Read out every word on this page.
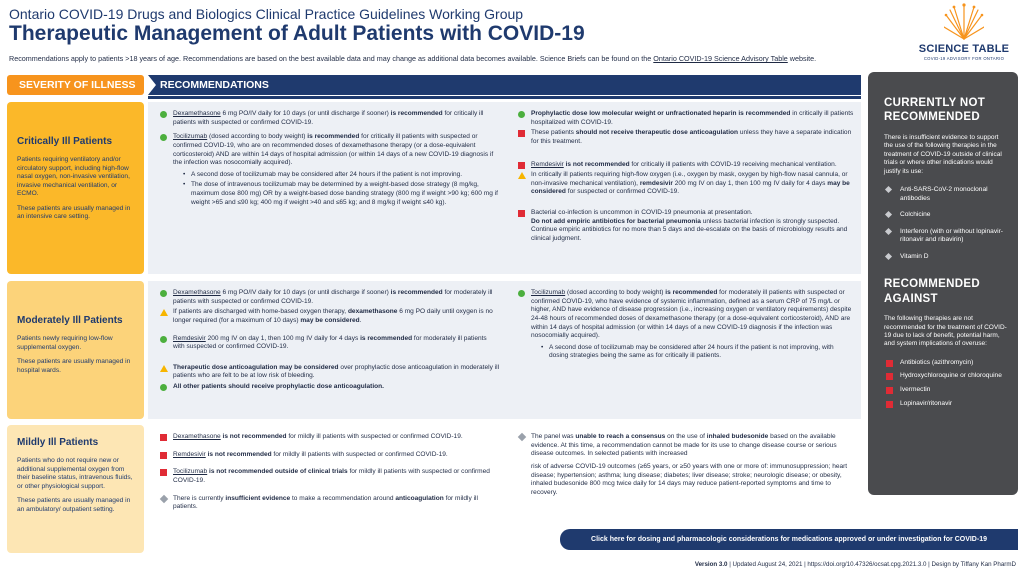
Ontario COVID-19 Drugs and Biologics Clinical Practice Guidelines Working Group
Therapeutic Management of Adult Patients with COVID-19
Recommendations apply to patients >18 years of age. Recommendations are based on the best available data and may change as additional data becomes available. Science Briefs can be found on the Ontario COVID-19 Science Advisory Table website.
SCIENCE TABLE
COVID-19 ADVISORY FOR ONTARIO
SEVERITY OF ILLNESS	RECOMMENDATIONS
Critically Ill Patients

Patients requiring ventilatory and/or circulatory support, including high-flow nasal oxygen, non-invasive ventilation, invasive mechanical ventilation, or ECMO.

These patients are usually managed in an intensive care setting.

Moderately Ill Patients

Patients newly requiring low-flow supplemental oxygen.

These patients are usually managed in hospital wards.

Mildly Ill Patients

Patients who do not require new or additional supplemental oxygen from their baseline status, intravenous fluids, or other physiological support.

These patients are usually managed in an ambulatory/ outpatient setting.

Dexamethasone 6 mg PO/IV daily for 10 days (or until discharge if sooner) is recommended for critically ill patients with suspected or confirmed COVID-19.
Tocilizumab (dosed according to body weight) is recommended for critically ill patients with suspected or confirmed COVID-19, who are on recommended doses of dexamethasone therapy (or a dose-equivalent corticosteroid) AND are within 14 days of hospital admission (or within 14 days of a new COVID-19 diagnosis if the infection was nosocomially acquired).
• A second dose of tocilizumab may be considered after 24 hours if the patient is not improving.
• The dose of intravenous tocilizumab may be determined by a weight-based dose strategy (8 mg/kg, maximum dose 800 mg) OR by a weight-based dose banding strategy (800 mg if weight >90 kg; 600 mg if weight >65 and ≤90 kg; 400 mg if weight >40 and ≤65 kg; and 8 mg/kg if weight ≤40 kg).
Prophylactic dose low molecular weight or unfractionated heparin is recommended in critically ill patients hospitalized with COVID-19.
These patients should not receive therapeutic dose anticoagulation unless they have a separate indication for this treatment.
Remdesivir is not recommended for critically ill patients with COVID-19 receiving mechanical ventilation.
In critically ill patients requiring high-flow oxygen (i.e., oxygen by mask, oxygen by high-flow nasal cannula, or non-invasive mechanical ventilation), remdesivir 200 mg IV on day 1, then 100 mg IV daily for 4 days may be considered for suspected or confirmed COVID-19.
Bacterial co-infection is uncommon in COVID-19 pneumonia at presentation.
Do not add empiric antibiotics for bacterial pneumonia unless bacterial infection is strongly suspected. Continue empiric antibiotics for no more than 5 days and de-escalate on the basis of microbiology results and clinical judgment.
Dexamethasone 6 mg PO/IV daily for 10 days (or until discharge if sooner) is recommended for moderately ill patients with suspected or confirmed COVID-19.
If patients are discharged with home-based oxygen therapy, dexamethasone 6 mg PO daily until oxygen is no longer required (for a maximum of 10 days) may be considered.
Remdesivir 200 mg IV on day 1, then 100 mg IV daily for 4 days is recommended for moderately ill patients with suspected or confirmed COVID-19.
Therapeutic dose anticoagulation may be considered over prophylactic dose anticoagulation in moderately ill patients who are felt to be at low risk of bleeding.
All other patients should receive prophylactic dose anticoagulation.
Tocilizumab (dosed according to body weight) is recommended for moderately ill patients with suspected or confirmed COVID-19, who have evidence of systemic inflammation, defined as a serum CRP of 75 mg/L or higher, AND have evidence of disease progression (i.e., increasing oxygen or ventilatory requirements) despite 24-48 hours of recommended doses of dexamethasone therapy (or a dose-equivalent corticosteroid), AND are within 14 days of hospital admission (or within 14 days of a new COVID-19 diagnosis if the infection was nosocomially acquired).
• A second dose of tocilizumab may be considered after 24 hours if the patient is not improving, with dosing strategies being the same as for critically ill patients.
Dexamethasone is not recommended for mildly ill patients with suspected or confirmed COVID-19.
Remdesivir is not recommended for mildly ill patients with suspected or confirmed COVID-19.
Tocilizumab is not recommended outside of clinical trials for mildly ill patients with suspected or confirmed COVID-19.
There is currently insufficient evidence to make a recommendation around anticoagulation for mildly ill patients.
The panel was unable to reach a consensus on the use of inhaled budesonide based on the available evidence. At this time, a recommendation cannot be made for its use to change disease course or serious disease outcomes. In selected patients with increased
risk of adverse COVID-19 outcomes (≥65 years, or ≥50 years with one or more of: immunosuppression; heart disease; hypertension; asthma; lung disease; diabetes; liver disease; stroke; neurologic disease; or obesity, inhaled budesonide 800 mcg twice daily for 14 days may reduce patient-reported symptoms and time to recovery.
CURRENTLY NOT RECOMMENDED

There is insufficient evidence to support the use of the following therapies in the treatment of COVID-19 outside of clinical trials or where other indications would justify its use:

Anti-SARS-CoV-2 monoclonal antibodies
Colchicine
Interferon (with or without lopinavir-ritonavir and ribavirin)
Vitamin D
RECOMMENDED AGAINST

The following therapies are not recommended for the treatment of COVID-19 due to lack of benefit, potential harm, and system implications of overuse:

Antibiotics (azithromycin)
Hydroxychloroquine or chloroquine
Ivermectin
Lopinavir/ritonavir
Click here for dosing and pharmacologic considerations for medications approved or under investigation for COVID-19
Version 3.0 | Updated August 24, 2021 | https://doi.org/10.47326/ocsat.cpg.2021.3.0 | Design by Tiffany Kan PharmD
